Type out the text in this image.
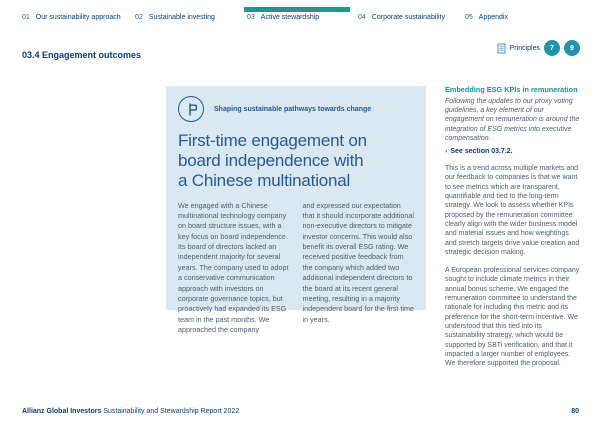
01 Our sustainability approach 02 Sustainable investing	03 Active stewardship	04 Corporate sustainability	05 Appendix
03.4 Engagement outcomes
Principles	7	9
Shaping sustainable pathways towards change
First-time engagement on
board independence with
a Chinese multinational
We engaged with a Chinese multinational technology company on board structure issues, with a key focus on board independence. Its board of directors lacked an independent majority for several years. The company used to adopt a conservative communication approach with investors on corporate governance topics, but proactively had expanded its ESG team in the past months. We approached the company
and expressed our expectation that it should incorporate additional non-executive directors to mitigate investor concerns. This would also benefit its overall ESG rating. We received positive feedback from the company which added two additional independent directors to the board at its recent general meeting, resulting in a majority independent board for the first time in years.
Embedding ESG KPIs in remuneration
Following the updates to our proxy voting guidelines, a key element of our engagement on remuneration is around the integration of ESG metrics into executive compensation.
› See section 03.7.2.
This is a trend across multiple markets and our feedback to companies is that we want to see metrics which are transparent, quantifiable and tied to the long-term strategy. We look to assess whether KPIs proposed by the remuneration committee clearly align with the wider business model and material issues and how weightings and stretch targets drive value creation and strategic decision making.
A European professional services company sought to include climate metrics in their annual bonus scheme. We engaged the remuneration committee to understand the rationale for including this metric and its preference for the short-term incentive. We understood that this tied into its sustainability strategy, which would be supported by SBTi verification, and that it impacted a larger number of employees. We therefore supported the proposal.
Allianz Global Investors Sustainability and Stewardship Report 2022	80
